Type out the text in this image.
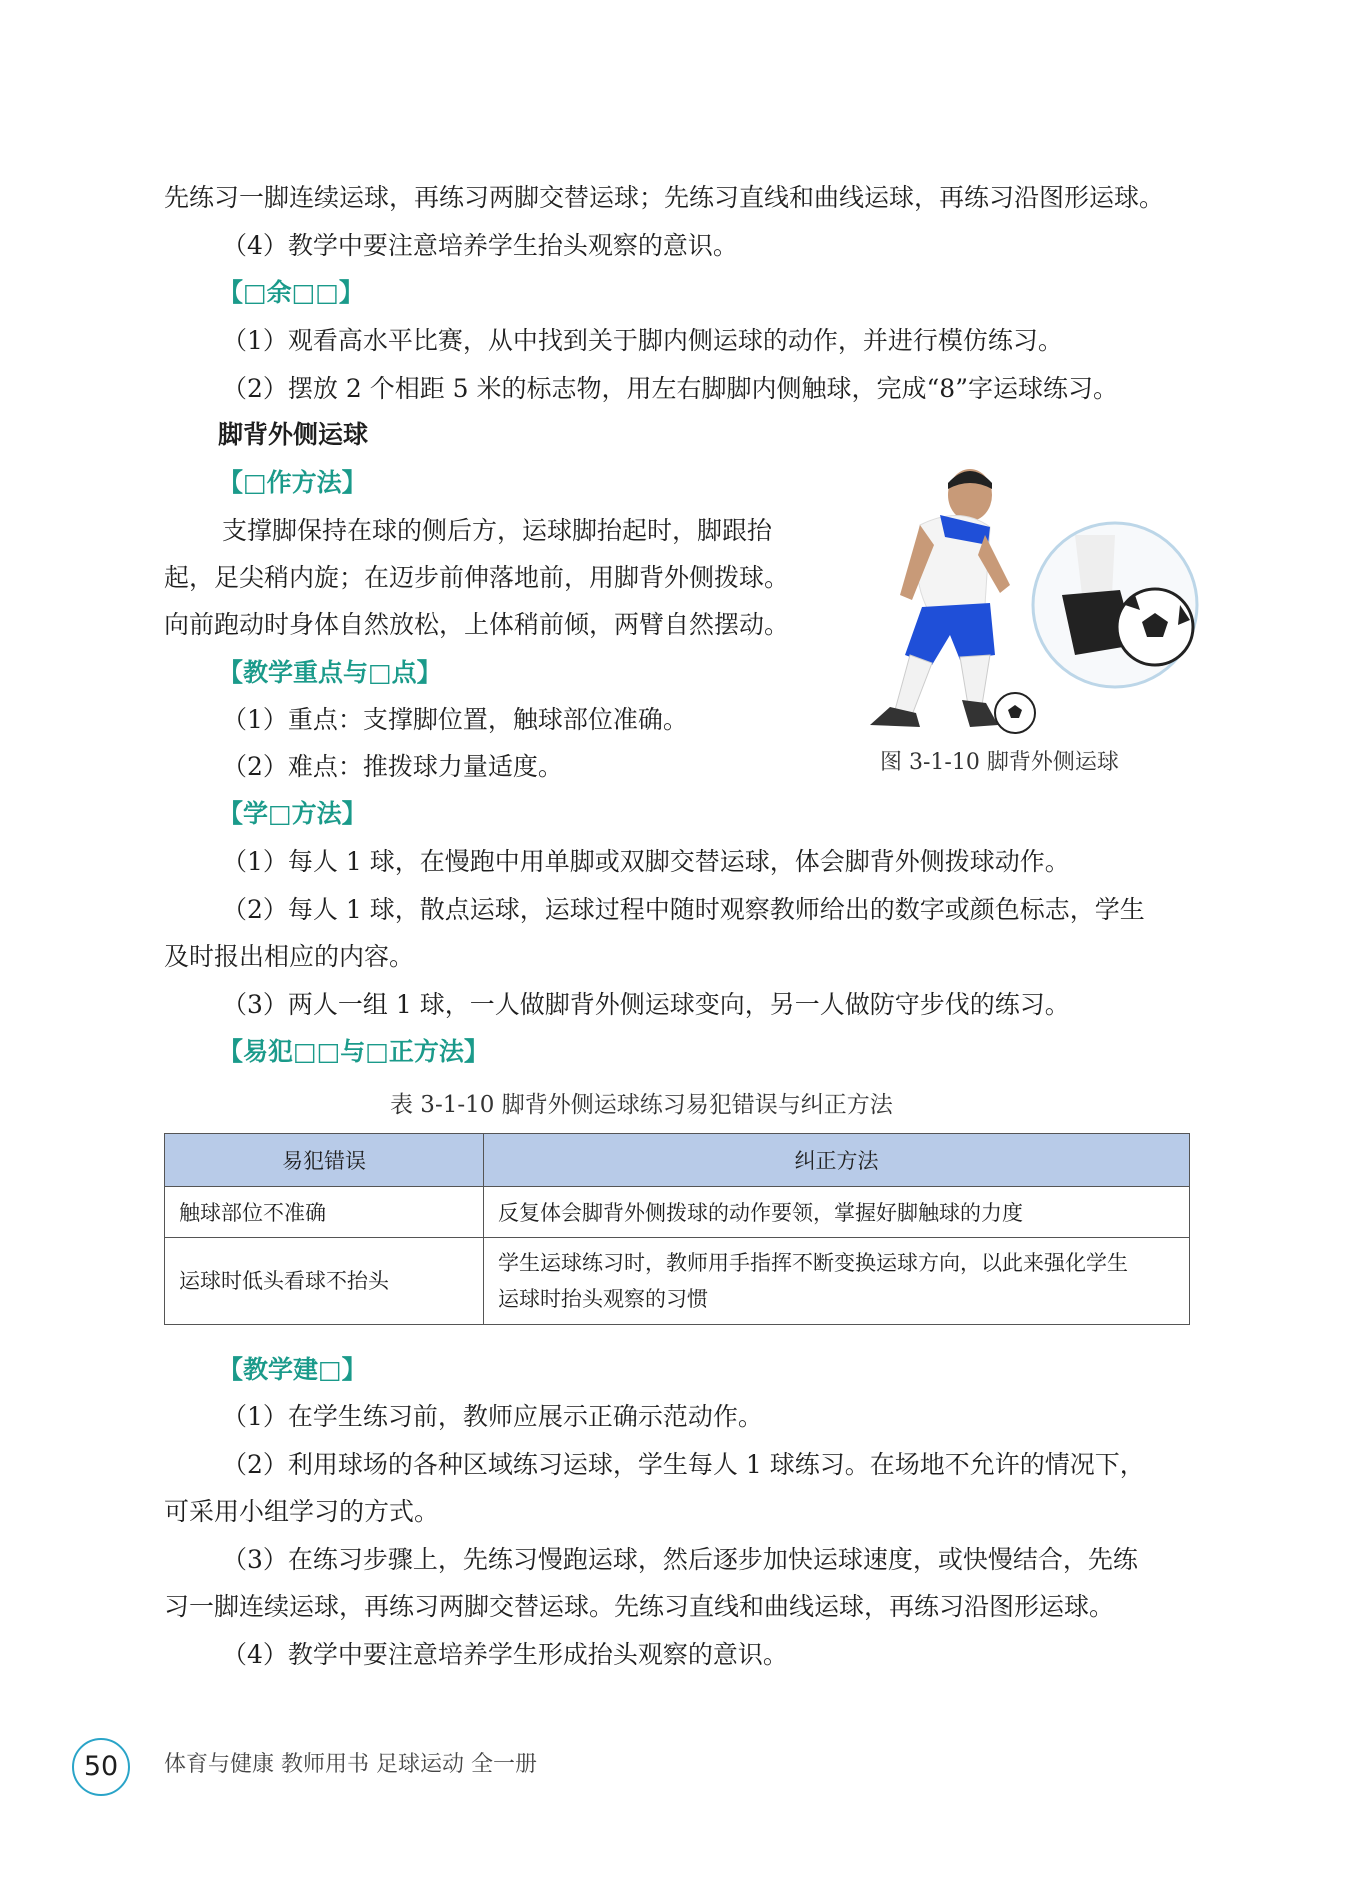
先练习一脚连续运球，再练习两脚交替运球；先练习直线和曲线运球，再练习沿图形运球。
（4）教学中要注意培养学生抬头观察的意识。
【□余□□】
（1）观看高水平比赛，从中找到关于脚内侧运球的动作，并进行模仿练习。
（2）摆放 2 个相距 5 米的标志物，用左右脚脚内侧触球，完成“8”字运球练习。
脚背外侧运球
【□作方法】
支撑脚保持在球的侧后方，运球脚抬起时，脚跟抬
起，足尖稍内旋；在迈步前伸落地前，用脚背外侧拨球。
向前跑动时身体自然放松，上体稍前倾，两臂自然摆动。
【教学重点与□点】
（1）重点：支撑脚位置，触球部位准确。
（2）难点：推拨球力量适度。	图 3-1-10 脚背外侧运球
【学□方法】
（1）每人 1 球，在慢跑中用单脚或双脚交替运球，体会脚背外侧拨球动作。
（2）每人 1 球，散点运球，运球过程中随时观察教师给出的数字或颜色标志，学生
及时报出相应的内容。
（3）两人一组 1 球，一人做脚背外侧运球变向，另一人做防守步伐的练习。
【易犯□□与□正方法】
表 3-1-10 脚背外侧运球练习易犯错误与纠正方法
易犯错误	纠正方法
触球部位不准确	反复体会脚背外侧拨球的动作要领，掌握好脚触球的力度
运球时低头看球不抬头	学生运球练习时，教师用手指挥不断变换运球方向，以此来强化学生
运球时抬头观察的习惯
【教学建□】
（1）在学生练习前，教师应展示正确示范动作。
（2）利用球场的各种区域练习运球，学生每人 1 球练习。在场地不允许的情况下，
可采用小组学习的方式。
（3）在练习步骤上，先练习慢跑运球，然后逐步加快运球速度，或快慢结合，先练
习一脚连续运球，再练习两脚交替运球。先练习直线和曲线运球，再练习沿图形运球。
（4）教学中要注意培养学生形成抬头观察的意识。
50	体育与健康 教师用书 足球运动 全一册
